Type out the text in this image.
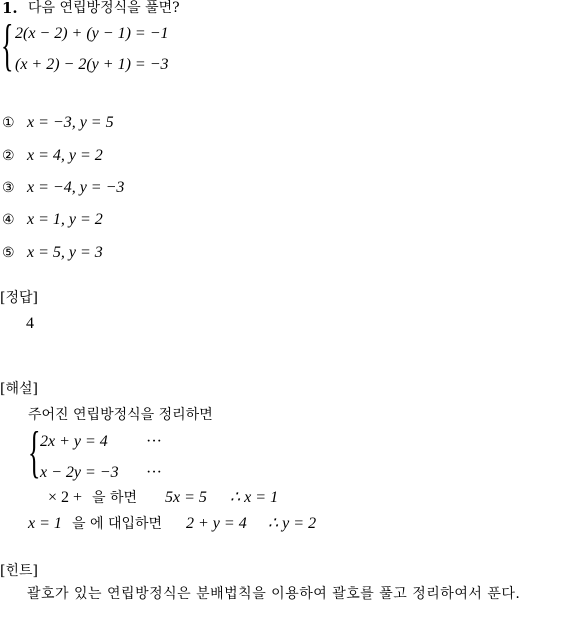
1. 다음 연립방정식을 풀면?
{ 2(x − 2) + (y − 1) = −1
(x + 2) − 2(y + 1) = −3
① x = −3, y = 5
② x = 4, y = 2
③ x = −4, y = −3
④ x = 1, y = 2
⑤ x = 5, y = 3
[정답]
4
[해설]
주어진 연립방정식을 정리하면
{ 2x + y = 4 ···
x − 2y = −3 ···
× 2 + 을 하면 5x = 5 ∴ x = 1
x = 1 을 에 대입하면 2 + y = 4 ∴ y = 2
[힌트]

괄호가 있는 연립방정식은 분배법칙을 이용하여 괄호를 풀고 정리하여서 푼다.
